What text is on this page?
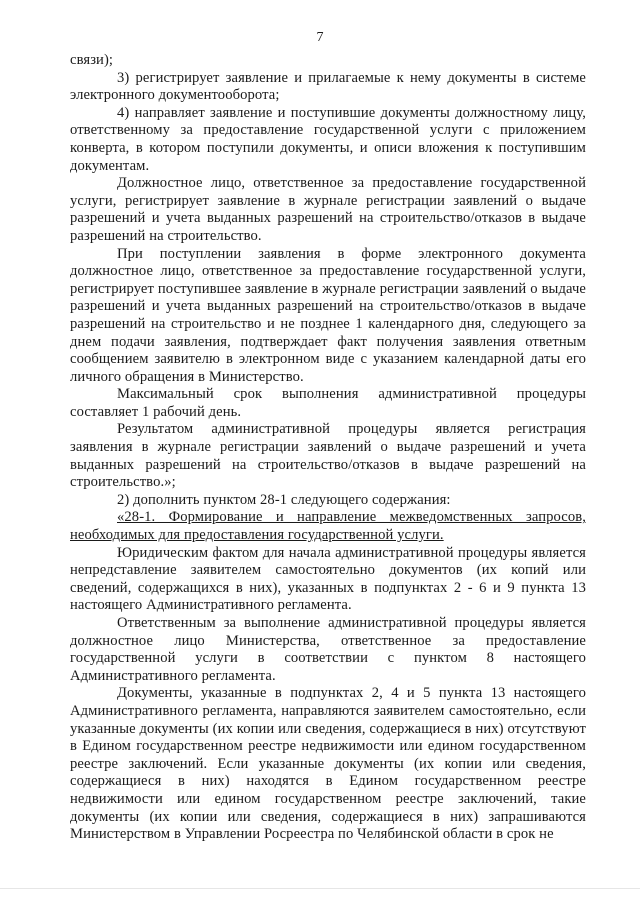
7

связи);

3) регистрирует заявление и прилагаемые к нему документы в системе электронного документооборота;

4) направляет заявление и поступившие документы должностному лицу, ответственному за предоставление государственной услуги с приложением конверта, в котором поступили документы, и описи вложения к поступившим документам.

Должностное лицо, ответственное за предоставление государственной услуги, регистрирует заявление в журнале регистрации заявлений о выдаче разрешений и учета выданных разрешений на строительство/отказов в выдаче разрешений на строительство.

При поступлении заявления в форме электронного документа должностное лицо, ответственное за предоставление государственной услуги, регистрирует поступившее заявление в журнале регистрации заявлений о выдаче разрешений и учета выданных разрешений на строительство/отказов в выдаче разрешений на строительство и не позднее 1 календарного дня, следующего за днем подачи заявления, подтверждает факт получения заявления ответным сообщением заявителю в электронном виде с указанием календарной даты его личного обращения в Министерство.

Максимальный срок выполнения административной процедуры составляет 1 рабочий день.

Результатом административной процедуры является регистрация заявления в журнале регистрации заявлений о выдаче разрешений и учета выданных разрешений на строительство/отказов в выдаче разрешений на строительство.»;

2) дополнить пунктом 28-1 следующего содержания:

«28-1. Формирование и направление межведомственных запросов, необходимых для предоставления государственной услуги.

Юридическим фактом для начала административной процедуры является непредставление заявителем самостоятельно документов (их копий или сведений, содержащихся в них), указанных в подпунктах 2 - 6 и 9 пункта 13 настоящего Административного регламента.

Ответственным за выполнение административной процедуры является должностное лицо Министерства, ответственное за предоставление государственной услуги в соответствии с пунктом 8 настоящего Административного регламента.

Документы, указанные в подпунктах 2, 4 и 5 пункта 13 настоящего Административного регламента, направляются заявителем самостоятельно, если указанные документы (их копии или сведения, содержащиеся в них) отсутствуют в Едином государственном реестре недвижимости или едином государственном реестре заключений. Если указанные документы (их копии или сведения, содержащиеся в них) находятся в Едином государственном реестре недвижимости или едином государственном реестре заключений, такие документы (их копии или сведения, содержащиеся в них) запрашиваются Министерством в Управлении Росреестра по Челябинской области в срок не
